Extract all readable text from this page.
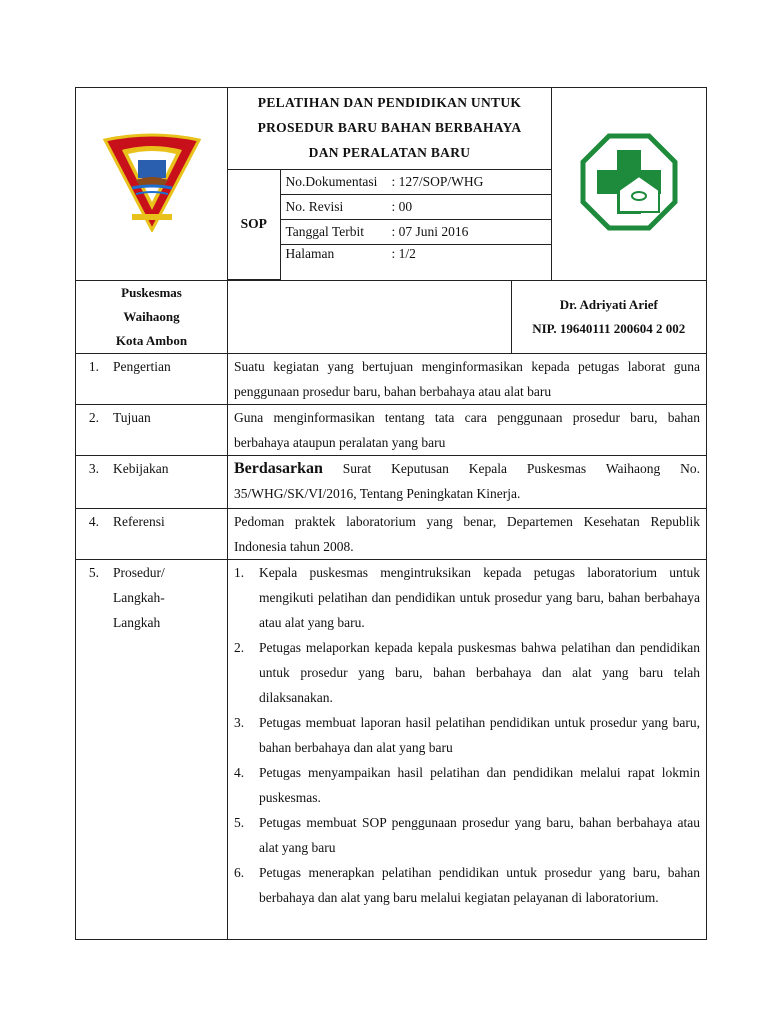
PELATIHAN DAN PENDIDIKAN UNTUK
PROSEDUR BARU BAHAN BERBAHAYA
DAN PERALATAN BARU
SOP	No.Dokumentasi : 127/SOP/WHG
No. Revisi	: 00
Tanggal Terbit : 07 Juni 2016
Halaman	: 1/2

Puskesmas
Waihaong
Kota Ambon

Dr. Adriyati Arief
NIP. 19640111 200604 2 002

1.	Pengertian	Suatu kegiatan yang bertujuan menginformasikan kepada petugas laborat guna penggunaan prosedur baru, bahan berbahaya atau alat baru

2.	Tujuan	Guna menginformasikan tentang tata cara penggunaan prosedur baru, bahan berbahaya ataupun peralatan yang baru

3.	Kebijakan	Berdasarkan Surat Keputusan Kepala Puskesmas Waihaong No. 35/WHG/SK/VI/2016, Tentang Peningkatan Kinerja.

4.	Referensi	Pedoman praktek laboratorium yang benar, Departemen Kesehatan Republik Indonesia tahun 2008.

5.	Prosedur/
Langkah-
Langkah

1.	Kepala puskesmas mengintruksikan kepada petugas laboratorium untuk mengikuti pelatihan dan pendidikan untuk prosedur yang baru, bahan berbahaya atau alat yang baru.
2.	Petugas melaporkan kepada kepala puskesmas bahwa pelatihan dan pendidikan untuk prosedur yang baru, bahan berbahaya dan alat yang baru telah dilaksanakan.
3.	Petugas membuat laporan hasil pelatihan pendidikan untuk prosedur yang baru, bahan berbahaya dan alat yang baru
4.	Petugas menyampaikan hasil pelatihan dan pendidikan melalui rapat lokmin puskesmas.
5.	Petugas membuat SOP penggunaan prosedur yang baru, bahan berbahaya atau alat yang baru
6.	Petugas menerapkan pelatihan pendidikan untuk prosedur yang baru, bahan berbahaya dan alat yang baru melalui kegiatan pelayanan di laboratorium.
